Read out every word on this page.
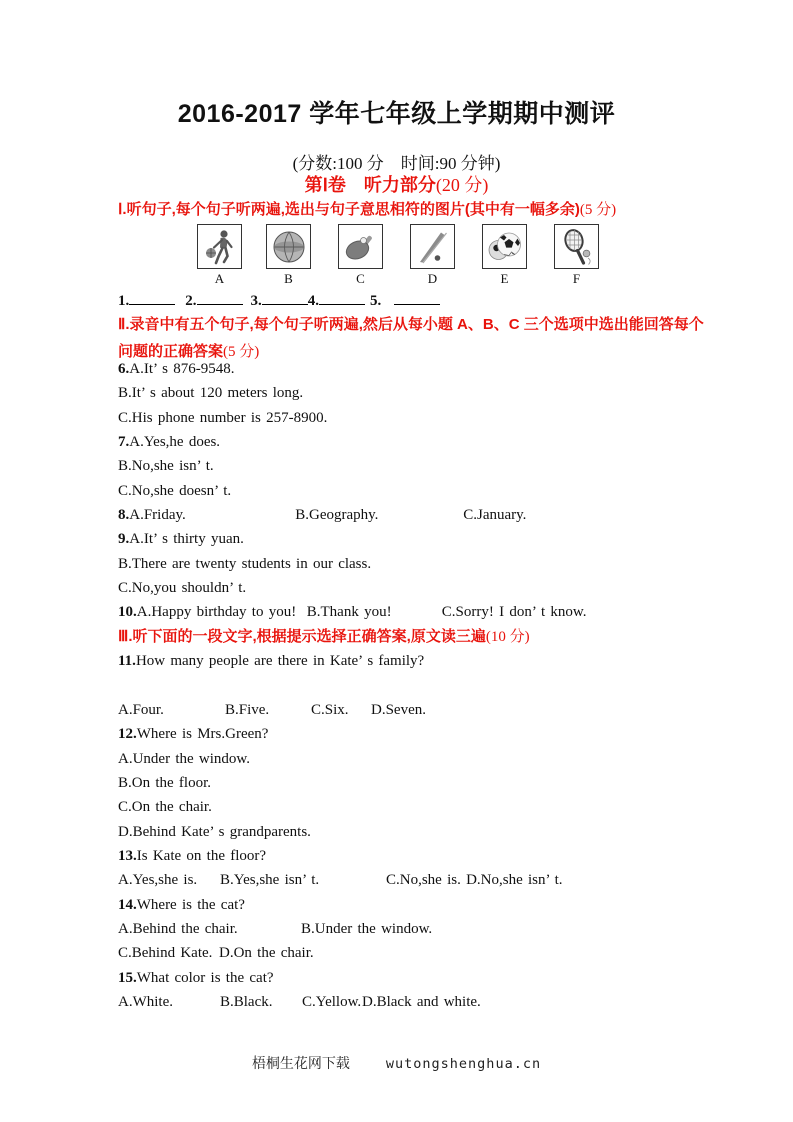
2016-2017 学年七年级上学期期中测评
(分数:100 分　时间:90 分钟)
第Ⅰ卷　听力部分(20 分)
Ⅰ.听句子,每个句子听两遍,选出与句子意思相符的图片(其中有一幅多余)(5 分)
A	B	C	D	E	F
1.	2.	3.	4.	5.
Ⅱ.录音中有五个句子,每个句子听两遍,然后从每小题 A、B、C 三个选项中选出能回答每个
问题的正确答案(5 分)
6.A.It’ s 876-9548.
B.It’ s about 120 meters long.
C.His phone number is 257-8900.
7.A.Yes,he does.
B.No,she isn’ t.
C.No,she doesn’ t.
8.A.Friday.	B.Geography.	C.January.
9.A.It’ s thirty yuan.
B.There are twenty students in our class.
C.No,you shouldn’ t.
10.A.Happy birthday to you! B.Thank you!	C.Sorry! I don’ t know.
Ⅲ.听下面的一段文字,根据提示选择正确答案,原文读三遍(10 分)
11.How many people are there in Kate’ s family?
A.Four.	B.Five.	C.Six. D.Seven.
12.Where is Mrs.Green?
A.Under the window.
B.On the floor.
C.On the chair.
D.Behind Kate’ s grandparents.
13.Is Kate on the floor?
A.Yes,she is. B.Yes,she isn’ t.	C.No,she is. D.No,she isn’ t.
14.Where is the cat?
A.Behind the chair.	B.Under the window.
C.Behind Kate. D.On the chair.
15.What color is the cat?
A.White.	B.Black. C.Yellow.D.Black and white.
梧桐生花网下载	wutongshenghua.cn
